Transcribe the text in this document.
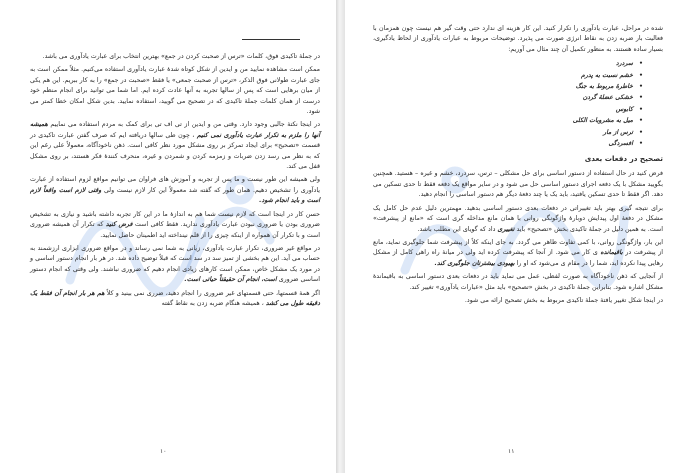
در جملهٔ تاکیدی فوق، کلمات «ترس از صحبت کردن در جمع» بهترین انتخاب برای عبارت یادآوری می باشد.

ممکن است مشاهده نمایید من و ایدین از شکل کوتاه شدهٔ عبارت یادآوری استفاده می‌کنیم. مثلاً ممکن است به جای عبارت طولانی فوق الذکر، «ترس از صحبت جمعی» یا فقط «صحبت در جمع» را به کار ببریم. این هم یکی از میان برهایی است که پس از سالها تجربه به آنها عادت کرده ایم. اما شما می توانید برای انجام منظم خود درست از همان کلمات جملهٔ تاکیدی که در تصحیح می گویید، استفاده نمایید. بدین شکل امکان خطا کمتر می شود.

در اینجا نکتهٔ جالبی وجود دارد. وقتی من و ایدین از تی اف تی برای کمک به مردم استفاده می نماییم همیشه آنها را ملزم به تکرار عبارت یادآوری نمی کنیم ، چون طی سالها دریافته ایم که صرف گفتن عبارت تاکیدی در قسمت «تصحیح» برای ایجاد تمرکز بر روی مشکل مورد نظر کافی است. ذهن ناخودآگاه، معمولاً علی رغم این که به نظر می رسد زدن ضربات و زمزمه کردن و شمردن و غیره، منحرف کنندهٔ فکر هستند، بر روی مشکل قفل می کند.

ولی همیشه این طور نیست و ما پس از تجربه و آموزش های فراوان می توانیم مواقع لزوم استفاده از عبارت یادآوری را تشخیص دهیم. همان طور که گفته شد معمولاً این کار لازم نیست ولی وقتی لازم است واقعاً لازم است و باید انجام شود.

حسن کار در اینجا است که لازم نیست شما هم به اندازهٔ ما در این کار تجربه داشته باشید و نیازی به تشخیص ضروری بودن یا ضروری نبودن عبارت یادآوری ندارید. فقط کافی است فرض کنید که تکرار آن همیشه ضروری است و با تکرار آن همواره از اینکه چیزی را از قلم نینداخته اید اطمینان حاصل نمایید.

در مواقع غیر ضروری، تکرار عبارت یادآوری، زیانی به شما نمی رساند و در مواقع ضروری ابزاری ارزشمند به حساب می آید. این هم بخشی از تمیز سد در سد است که قبلاً توضیح داده شد. در هر بار انجام دستور اساسی و در مورد یک مشکل خاص، ممکن است کارهای زیادی انجام دهیم که ضروری نباشند. ولی وقتی که انجام دستور اساسی ضروری است، انجام آن حقیقتاً حیاتی است.

اگر همهٔ قسمتها، حتی قسمتهای غیر ضروری را انجام دهید، ضرری نمی بینید و کلاً هم هر بار انجام آن فقط یک دقیقه طول می کشد ، همیشه هنگام ضربه زدن به نقاط گفته

۱۰

شده در مراحل، عبارت یادآوری را تکرار کنید. این کار هزینه ای ندارد حتی وقت گیر هم نیست چون همزمان با فعالیت بار ضربه زدن به نقاط انرژی صورت می پذیرد. توضیحات مربوط به عبارات یادآوری از لحاظ یادگیری، بسیار ساده هستند. به منظور تکمیل آن چند مثال می آوریم:

• سردرد
• خشم نسبت به پدرم
• خاطرهٔ مربوط به جنگ
• خشکی عضلهٔ گردن
• کابوس
• میل به مشروبات الکلی
• ترس از مار
• افسردگی
تصحیح در دفعات بعدی

فرض کنید در حال استفاده از دستور اساسی برای حل مشکلی – ترس، سردرد، خشم و غیره – هستید. همچنین بگویید مشکل با یک دفعه اجرای دستور اساسی حل می شود و در سایر مواقع یک دفعه فقط تا حدی تسکین می دهد. اگر فقط تا حدی تسکین یافتید، باید یک یا چند دفعهٔ دیگر هم دستور اساسی را انجام دهید.

برای نتیجه گیری بهتر باید تغییراتی در دفعات بعدی دستور اساسی بدهید. مهمترین دلیل عدم حل کامل یک مشکل در دفعهٔ اول پیدایش دوبارهٔ واژگونگی روانی با همان مانع مداخله گری است که «مانع از پیشرفت» است. به همین دلیل در جملهٔ تاکیدی بخش «تصحیح» باید تغییری داد که گویای این مطلب باشد.

این بار، واژگونگی روانی، با کمی تفاوت ظاهر می گردد. به جای اینکه کلاً از پیشرفت شما جلوگیری نماید، مانع از پیشرفت در باقیمانده ی کار می شود. از آنجا که پیشرفت کرده اید ولی در میانهٔ راه راهی کامل از مشکل رهایی پیدا نکرده اید، شما را در مقام ی می‌شود که او را بهبودی بیشترتان جلوگیری کند.

از آنجایی که ذهن ناخودآگاه به صورت لفظی، عمل می نماید باید در دفعات بعدی دستور اساسی به باقیماندهٔ مشکل اشاره شود. بنابراین جملهٔ تاکیدی در بخش «تصحیح» باید مثل «عبارات یادآوری» تغییر کند.

در اینجا شکل تغییر یافتهٔ جملهٔ تاکیدی مربوط به بخش تصحیح ارائه می شود.

۱۱
